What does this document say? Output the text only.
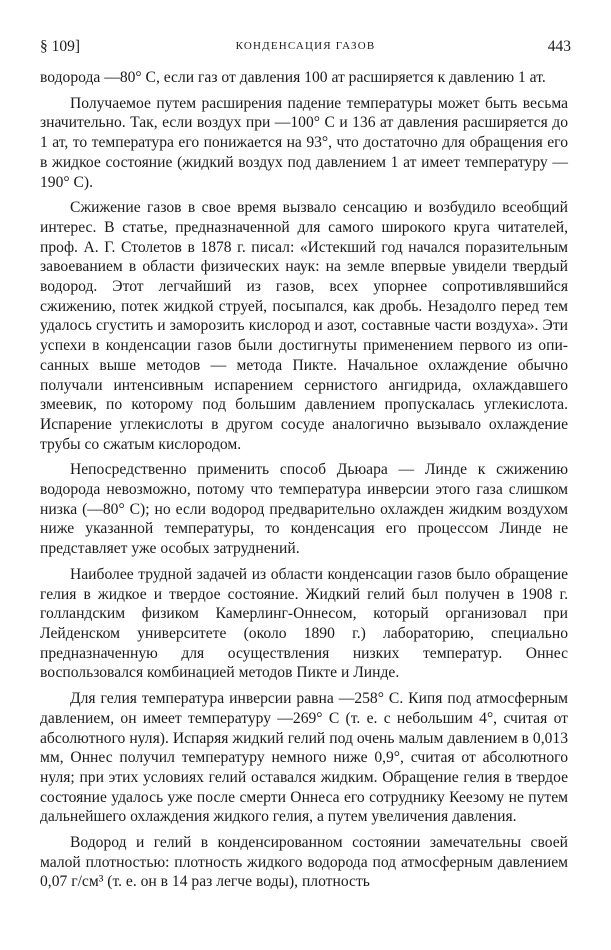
§ 109]	КОНДЕНСАЦИЯ ГАЗОВ	443

водорода —80° С, если газ от давления 100 ат расширяется к давлению 1 ат.

Получаемое путем расширения падение температуры может быть весьма значительно. Так, если воздух при —100° С и 136 ат давления расширяется до 1 ат, то температура его понижается на 93°, что достаточно для обращения его в жидкое состояние (жидкий воздух под давлением 1 ат имеет температуру —190° С).

Сжижение газов в свое время вызвало сенсацию и возбудило всеобщий интерес. В статье, предназначенной для самого широкого круга читателей, проф. А. Г. Столетов в 1878 г. писал: «Истекший год начался поразительным завоеванием в области физических наук: на земле впервые увидели твердый водород. Этот легчайший из газов, всех упорнее сопротивлявшийся сжижению, потек жидкой струей, посыпался, как дробь. Незадолго перед тем удалось сгустить и заморозить кислород и азот, составные части воздуха». Эти успехи в конденсации газов были достигнуты применением первого из описанных выше методов — метода Пикте. Начальное охлаждение обычно получали интенсивным испарением сернистого ангидрида, охлаждавшего змеевик, по которому под большим давлением пропускалась углекислота. Испарение углекислоты в другом сосуде аналогично вызывало охлаждение трубы со сжатым кислородом.

Непосредственно применить способ Дьюара — Линде к сжижению водорода невозможно, потому что температура инверсии этого газа слишком низка (—80° С); но если водород предварительно охлажден жидким воздухом ниже указанной температуры, то конденсация его процессом Линде не представляет уже особых затруднений.

Наиболее трудной задачей из области конденсации газов было обращение гелия в жидкое и твердое состояние. Жидкий гелий был получен в 1908 г. голландским физиком Камерлинг-Оннесом, который организовал при Лейденском университете (около 1890 г.) лабораторию, специально предназначенную для осуществления низких температур. Оннес воспользовался комбинацией методов Пикте и Линде.

Для гелия температура инверсии равна —258° С. Кипя под атмосферным давлением, он имеет температуру —269° С (т. е. с небольшим 4°, считая от абсолютного нуля). Испаряя жидкий гелий под очень малым давлением в 0,013 мм, Оннес получил температуру немного ниже 0,9°, считая от абсолютного нуля; при этих условиях гелий оставался жидким. Обращение гелия в твердое состояние удалось уже после смерти Оннеса его сотруднику Кеезому не путем дальнейшего охлаждения жидкого гелия, а путем увеличения давления.

Водород и гелий в конденсированном состоянии замечательны своей малой плотностью: плотность жидкого водорода под атмосферным давлением 0,07 г/см³ (т. е. он в 14 раз легче воды), плотность
